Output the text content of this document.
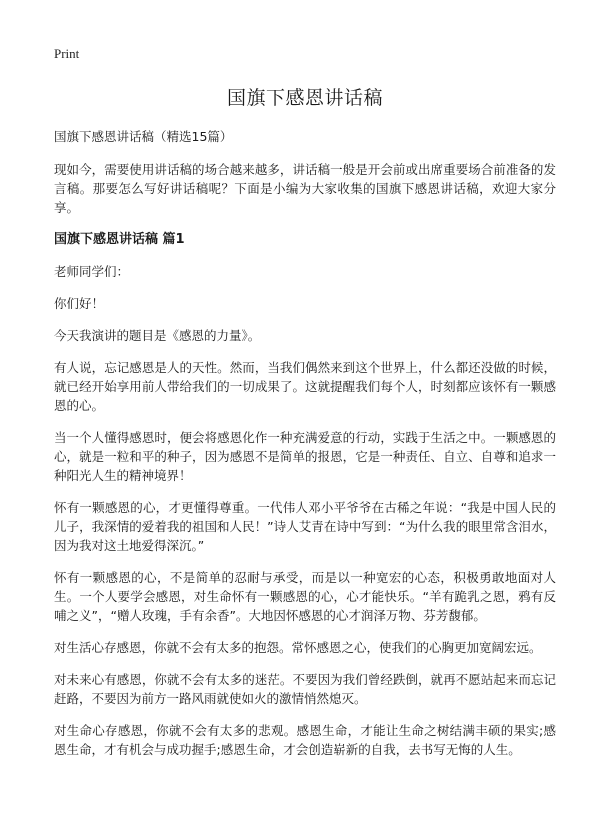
Print
国旗下感恩讲话稿
国旗下感恩讲话稿（精选15篇）

现如今，需要使用讲话稿的场合越来越多，讲话稿一般是开会前或出席重要场合前准备的发言稿。那要怎么写好讲话稿呢？下面是小编为大家收集的国旗下感恩讲话稿，欢迎大家分享。

国旗下感恩讲话稿 篇1

老师同学们：

你们好！

今天我演讲的题目是《感恩的力量》。

有人说，忘记感恩是人的天性。然而，当我们偶然来到这个世界上，什么都还没做的时候，就已经开始享用前人带给我们的一切成果了。这就提醒我们每个人，时刻都应该怀有一颗感恩的心。

当一个人懂得感恩时，便会将感恩化作一种充满爱意的行动，实践于生活之中。一颗感恩的心，就是一粒和平的种子，因为感恩不是简单的报恩，它是一种责任、自立、自尊和追求一种阳光人生的精神境界！

怀有一颗感恩的心，才更懂得尊重。一代伟人邓小平爷爷在古稀之年说：“我是中国人民的儿子，我深情的爱着我的祖国和人民！”诗人艾青在诗中写到：“为什么我的眼里常含泪水，因为我对这土地爱得深沉。”

怀有一颗感恩的心，不是简单的忍耐与承受，而是以一种宽宏的心态，积极勇敢地面对人生。一个人要学会感恩，对生命怀有一颗感恩的心，心才能快乐。“羊有跪乳之恩，鸦有反哺之义”，“赠人玫瑰，手有余香”。大地因怀感恩的心才润泽万物、芬芳馥郁。

对生活心存感恩，你就不会有太多的抱怨。常怀感恩之心，使我们的心胸更加宽阔宏远。

对未来心有感恩，你就不会有太多的迷茫。不要因为我们曾经跌倒，就再不愿站起来而忘记赶路，不要因为前方一路风雨就使如火的激情悄然熄灭。

对生命心存感恩，你就不会有太多的悲观。感恩生命，才能让生命之树结满丰硕的果实;感恩生命，才有机会与成功握手;感恩生命，才会创造崭新的自我，去书写无悔的人生。
